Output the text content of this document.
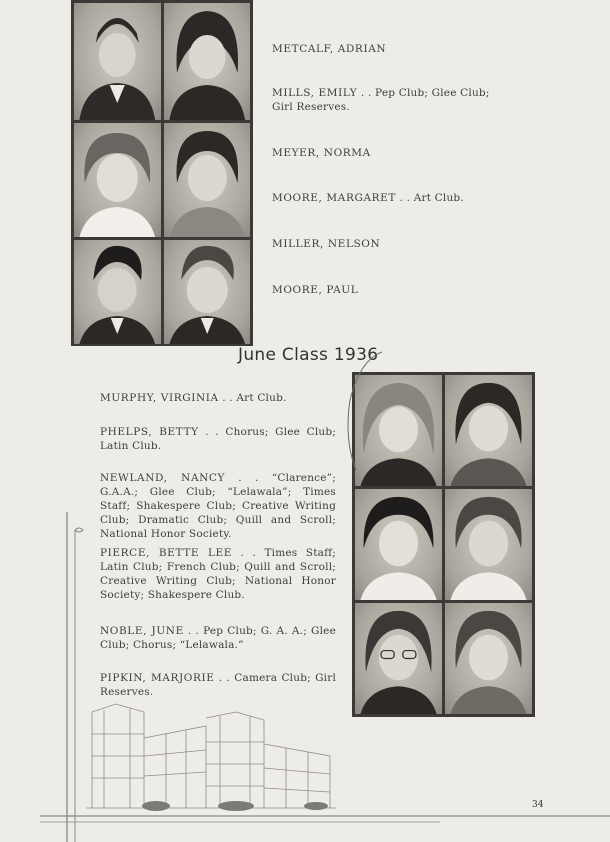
METCALF, ADRIAN
MILLS, EMILY . . Pep Club; Glee Club; Girl Reserves.
MEYER, NORMA
MOORE, MARGARET . . Art Club.
MILLER, NELSON
MOORE, PAUL
June Class 1936
MURPHY, VIRGINIA . . Art Club.
PHELPS, BETTY . . Chorus; Glee Club; Latin Club.
NEWLAND, NANCY . . “Clarence”; G.A.A.; Glee Club; “Lelawala”; Times Staff; Shakespere Club; Creative Writing Club; Dramatic Club; Quill and Scroll; National Honor Society.
PIERCE, BETTE LEE . . Times Staff; Latin Club; French Club; Quill and Scroll; Creative Writing Club; National Honor Society; Shakespere Club.
NOBLE, JUNE . . Pep Club; G. A. A.; Glee Club; Chorus; “Lelawala.”
PIPKIN, MARJORIE . . Camera Club; Girl Reserves.
34
